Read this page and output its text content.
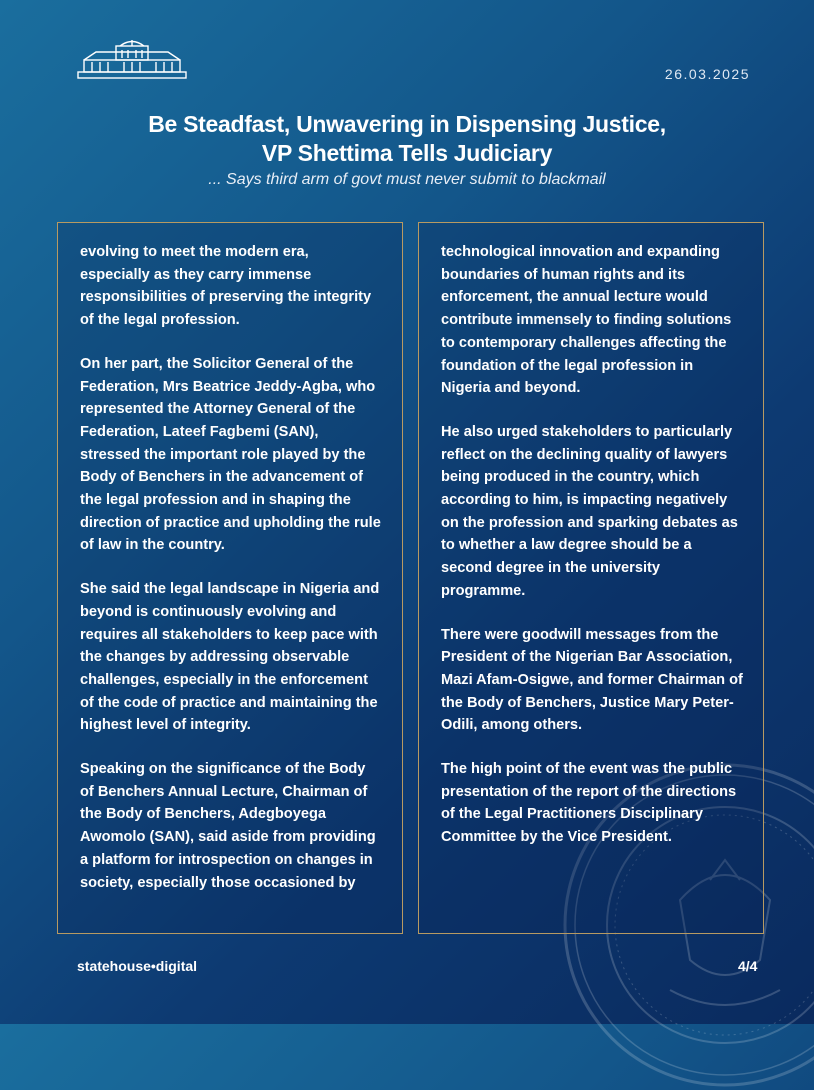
26.03.2025
Be Steadfast, Unwavering in Dispensing Justice,
VP Shettima Tells Judiciary
... Says third arm of govt must never submit to blackmail

evolving to meet the modern era, especially as they carry immense responsibilities of preserving the integrity of the legal profession.

On her part, the Solicitor General of the Federation, Mrs Beatrice Jeddy-Agba, who represented the Attorney General of the Federation, Lateef Fagbemi (SAN), stressed the important role played by the Body of Benchers in the advancement of the legal profession and in shaping the direction of practice and upholding the rule of law in the country.

She said the legal landscape in Nigeria and beyond is continuously evolving and requires all stakeholders to keep pace with the changes by addressing observable challenges, especially in the enforcement of the code of practice and maintaining the highest level of integrity.

Speaking on the significance of the Body of Benchers Annual Lecture, Chairman of the Body of Benchers, Adegboyega Awomolo (SAN), said aside from providing a platform for introspection on changes in society, especially those occasioned by

technological innovation and expanding boundaries of human rights and its enforcement, the annual lecture would contribute immensely to finding solutions to contemporary challenges affecting the foundation of the legal profession in Nigeria and beyond.

He also urged stakeholders to particularly reflect on the declining quality of lawyers being produced in the country, which according to him, is impacting negatively on the profession and sparking debates as to whether a law degree should be a second degree in the university programme.

There were goodwill messages from the President of the Nigerian Bar Association, Mazi Afam-Osigwe, and former Chairman of the Body of Benchers, Justice Mary Peter- Odili, among others.

The high point of the event was the public presentation of the report of the directions of the Legal Practitioners Disciplinary Committee by the Vice President.

statehouse•digital	4/4
